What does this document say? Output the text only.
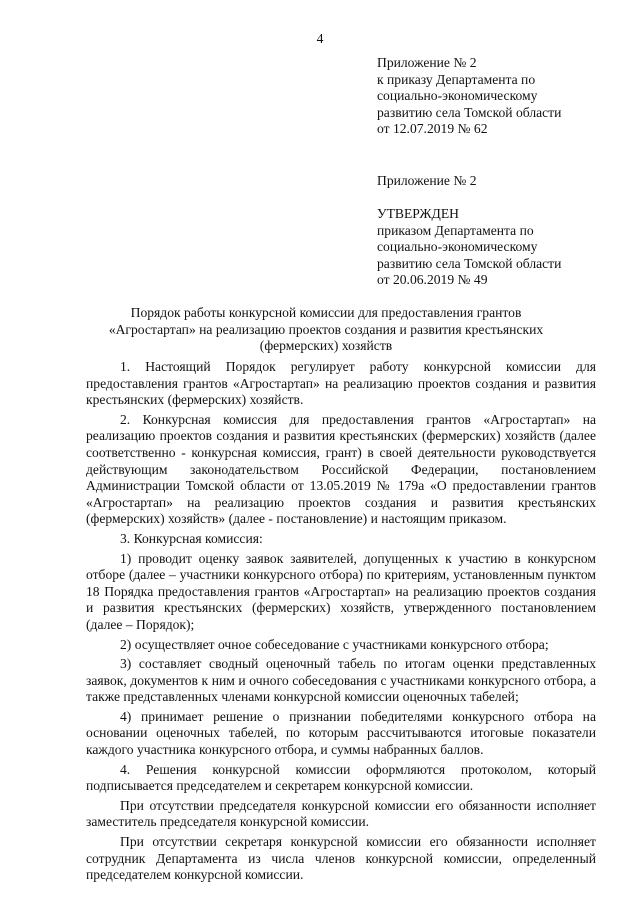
4
Приложение № 2
к приказу Департамента по
социально-экономическому
развитию села Томской области
от 12.07.2019 № 62
Приложение № 2
УТВЕРЖДЕН
приказом Департамента по
социально-экономическому
развитию села Томской области
от 20.06.2019 № 49
Порядок работы конкурсной комиссии для предоставления грантов
«Агростартап» на реализацию проектов создания и развития крестьянских
(фермерских) хозяйств

1. Настоящий Порядок регулирует работу конкурсной комиссии для предоставления грантов «Агростартап» на реализацию проектов создания и развития крестьянских (фермерских) хозяйств.

2. Конкурсная комиссия для предоставления грантов «Агростартап» на реализацию проектов создания и развития крестьянских (фермерских) хозяйств (далее соответственно - конкурсная комиссия, грант) в своей деятельности руководствуется действующим законодательством Российской Федерации, постановлением Администрации Томской области от 13.05.2019 № 179а «О предоставлении грантов «Агростартап» на реализацию проектов создания и развития крестьянских (фермерских) хозяйств» (далее - постановление) и настоящим приказом.

3. Конкурсная комиссия:

1) проводит оценку заявок заявителей, допущенных к участию в конкурсном отборе (далее – участники конкурсного отбора) по критериям, установленным пунктом 18 Порядка предоставления грантов «Агростартап» на реализацию проектов создания и развития крестьянских (фермерских) хозяйств, утвержденного постановлением (далее – Порядок);

2) осуществляет очное собеседование с участниками конкурсного отбора;

3) составляет сводный оценочный табель по итогам оценки представленных заявок, документов к ним и очного собеседования с участниками конкурсного отбора, а также представленных членами конкурсной комиссии оценочных табелей;

4) принимает решение о признании победителями конкурсного отбора на основании оценочных табелей, по которым рассчитываются итоговые показатели каждого участника конкурсного отбора, и суммы набранных баллов.

4. Решения конкурсной комиссии оформляются протоколом, который подписывается председателем и секретарем конкурсной комиссии.

При отсутствии председателя конкурсной комиссии его обязанности исполняет заместитель председателя конкурсной комиссии.

При отсутствии секретаря конкурсной комиссии его обязанности исполняет сотрудник Департамента из числа членов конкурсной комиссии, определенный председателем конкурсной комиссии.
